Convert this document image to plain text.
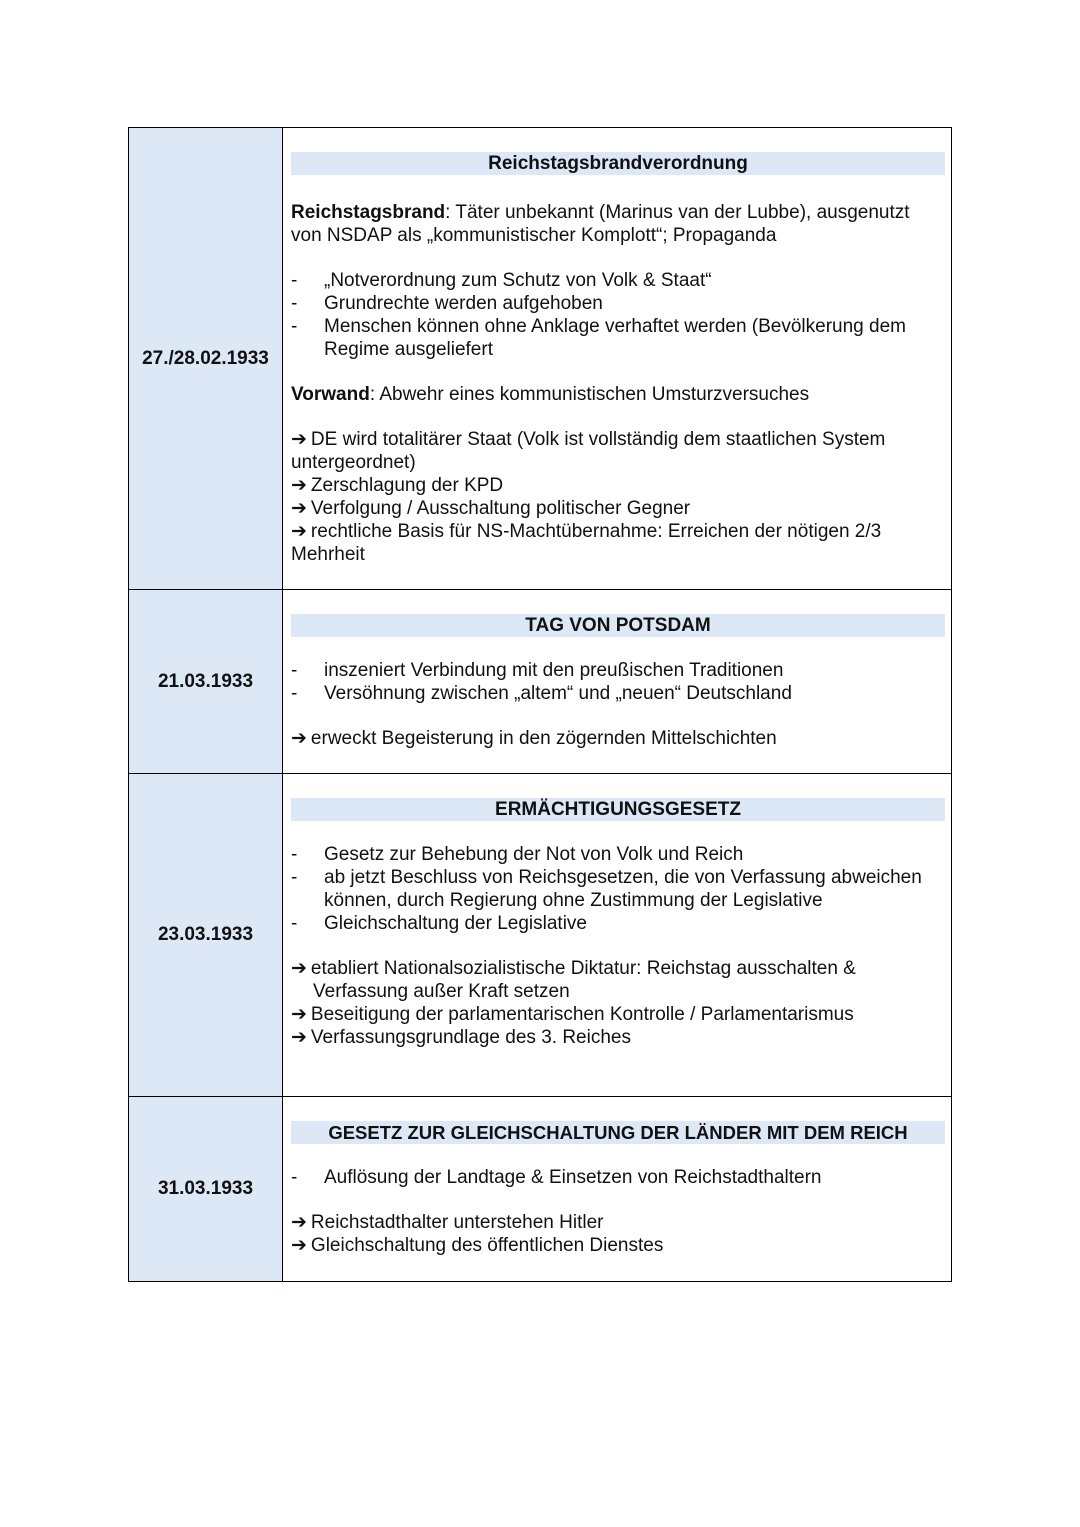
27./28.02.1933
Reichstagsbrandverordnung
Reichstagsbrand: Täter unbekannt (Marinus van der Lubbe), ausgenutzt von NSDAP als „kommunistischer Komplott“; Propaganda
- „Notverordnung zum Schutz von Volk & Staat“
- Grundrechte werden aufgehoben
- Menschen können ohne Anklage verhaftet werden (Bevölkerung dem Regime ausgeliefert
Vorwand: Abwehr eines kommunistischen Umsturzversuches
➔ DE wird totalitärer Staat (Volk ist vollständig dem staatlichen System untergeordnet)
➔ Zerschlagung der KPD
➔ Verfolgung / Ausschaltung politischer Gegner
➔ rechtliche Basis für NS-Machtübernahme: Erreichen der nötigen 2/3 Mehrheit
21.03.1933
TAG VON POTSDAM
- inszeniert Verbindung mit den preußischen Traditionen
- Versöhnung zwischen „altem“ und „neuen“ Deutschland
➔ erweckt Begeisterung in den zögernden Mittelschichten
23.03.1933
ERMÄCHTIGUNGSGESETZ
- Gesetz zur Behebung der Not von Volk und Reich
- ab jetzt Beschluss von Reichsgesetzen, die von Verfassung abweichen können, durch Regierung ohne Zustimmung der Legislative
- Gleichschaltung der Legislative
➔ etabliert Nationalsozialistische Diktatur: Reichstag ausschalten &
Verfassung außer Kraft setzen
➔ Beseitigung der parlamentarischen Kontrolle / Parlamentarismus
➔ Verfassungsgrundlage des 3. Reiches
31.03.1933
GESETZ ZUR GLEICHSCHALTUNG DER LÄNDER MIT DEM REICH
- Auflösung der Landtage & Einsetzen von Reichstadthaltern
➔ Reichstadthalter unterstehen Hitler
➔ Gleichschaltung des öffentlichen Dienstes
